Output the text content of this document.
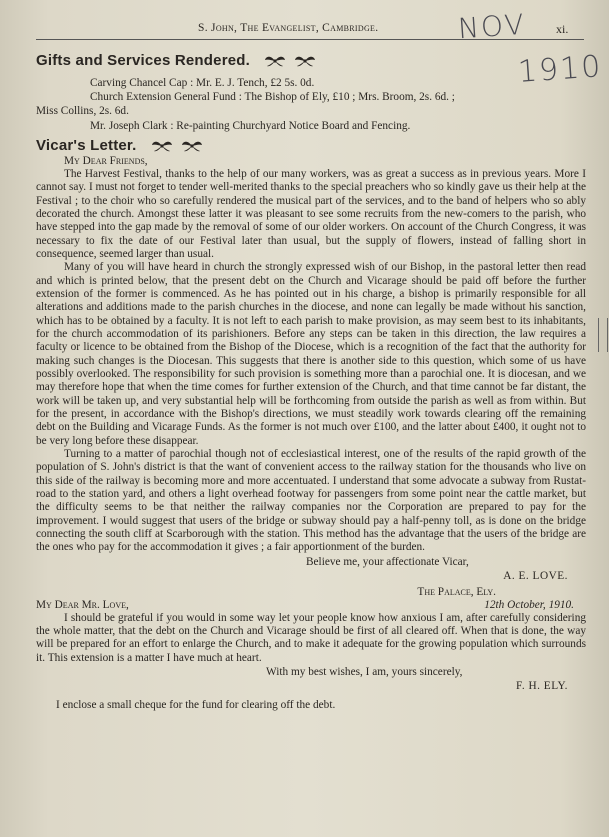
S. John, The Evangelist, Cambridge.	xi.
NOV
1910
Gifts and Services Rendered.
Carving Chancel Cap : Mr. E. J. Tench, £2 5s. 0d.
Church Extension General Fund : The Bishop of Ely, £10 ; Mrs. Broom, 2s. 6d. ;
Miss Collins, 2s. 6d.
Mr. Joseph Clark : Re-painting Churchyard Notice Board and Fencing.
Vicar's Letter.
My Dear Friends,

The Harvest Festival, thanks to the help of our many workers, was as great a success as in previous years. More I cannot say. I must not forget to tender well-merited thanks to the special preachers who so kindly gave us their help at the Festival ; to the choir who so carefully rendered the musical part of the services, and to the band of helpers who so ably decorated the church. Amongst these latter it was pleasant to see some recruits from the new-comers to the parish, who have stepped into the gap made by the removal of some of our older workers. On account of the Church Congress, it was necessary to fix the date of our Festival later than usual, but the supply of flowers, instead of falling short in consequence, seemed larger than usual.

Many of you will have heard in church the strongly expressed wish of our Bishop, in the pastoral letter then read and which is printed below, that the present debt on the Church and Vicarage should be paid off before the further extension of the former is commenced. As he has pointed out in his charge, a bishop is primarily responsible for all alterations and additions made to the parish churches in the diocese, and none can legally be made without his sanction, which has to be obtained by a faculty. It is not left to each parish to make provision, as may seem best to its inhabitants, for the church accommodation of its parishioners. Before any steps can be taken in this direction, the law requires a faculty or licence to be obtained from the Bishop of the Diocese, which is a recognition of the fact that the authority for making such changes is the Diocesan. This suggests that there is another side to this question, which some of us have possibly overlooked. The responsibility for such provision is something more than a parochial one. It is diocesan, and we may therefore hope that when the time comes for further extension of the Church, and that time cannot be far distant, the work will be taken up, and very substantial help will be forthcoming from outside the parish as well as from within. But for the present, in accordance with the Bishop's directions, we must steadily work towards clearing off the remaining debt on the Building and Vicarage Funds. As the former is not much over £100, and the latter about £400, it ought not to be very long before these disappear.

Turning to a matter of parochial though not of ecclesiastical interest, one of the results of the rapid growth of the population of S. John's district is that the want of convenient access to the railway station for the thousands who live on this side of the railway is becoming more and more accentuated. I understand that some advocate a subway from Rustat-road to the station yard, and others a light overhead footway for passengers from some point near the cattle market, but the difficulty seems to be that neither the railway companies nor the Corporation are prepared to pay for the improvement. I would suggest that users of the bridge or subway should pay a half-penny toll, as is done on the bridge connecting the south cliff at Scarborough with the station. This method has the advantage that the users of the bridge are the ones who pay for the accommodation it gives ; a fair apportionment of the burden.

Believe me, your affectionate Vicar,
A. E. LOVE.
The Palace, Ely.
My Dear Mr. Love,	12th October, 1910.

I should be grateful if you would in some way let your people know how anxious I am, after carefully considering the whole matter, that the debt on the Church and Vicarage should be first of all cleared off. When that is done, the way will be prepared for an effort to enlarge the Church, and to make it adequate for the growing population which surrounds it. This extension is a matter I have much at heart.

With my best wishes, I am, yours sincerely,
F. H. ELY.
I enclose a small cheque for the fund for clearing off the debt.
